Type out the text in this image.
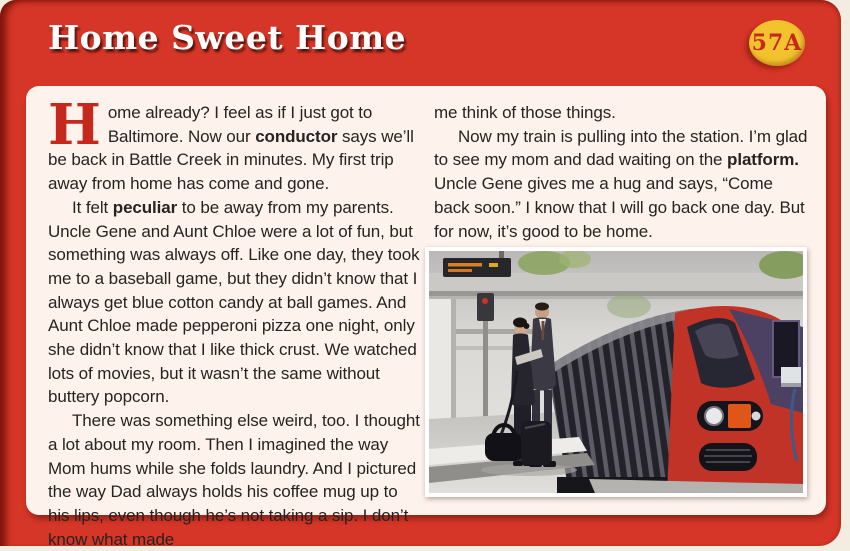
Home Sweet Home	57A

Home already? I feel as if I just got to Baltimore. Now our conductor says we’ll be back in Battle Creek in minutes. My first trip away from home has come and gone.

It felt peculiar to be away from my parents. Uncle Gene and Aunt Chloe were a lot of fun, but something was always off. Like one day, they took me to a baseball game, but they didn’t know that I always get blue cotton candy at ball games. And Aunt Chloe made pepperoni pizza one night, only she didn’t know that I like thick crust. We watched lots of movies, but it wasn’t the same without buttery popcorn.

There was something else weird, too. I thought a lot about my room. Then I imagined the way Mom hums while she folds laundry. And I pictured the way Dad always holds his coffee mug up to his lips, even though he’s not taking a sip. I don’t know what made

me think of those things.

Now my train is pulling into the station. I’m glad to see my mom and dad waiting on the platform. Uncle Gene gives me a hug and says, “Come back soon.” I know that I will go back one day. But for now, it’s good to be home.
